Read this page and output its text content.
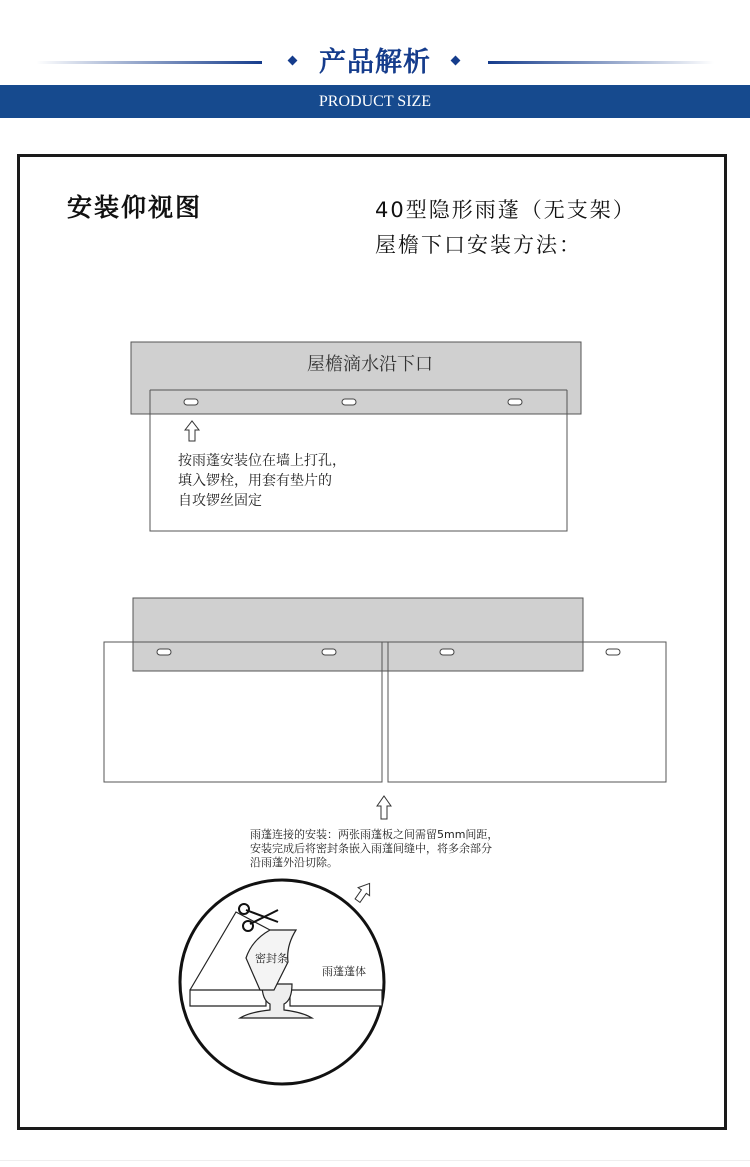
产品解析
PRODUCT SIZE
安装仰视图	40型隐形雨蓬（无支架）
屋檐下口安装方法：
屋檐滴水沿下口
按雨蓬安装位在墙上打孔，
填入锣栓，用套有垫片的
自攻锣丝固定
雨蓬连接的安装：两张雨蓬板之间需留5mm间距，
安装完成后将密封条嵌入雨蓬间缝中，将多余部分
沿雨蓬外沿切除。
密封条
雨蓬蓬体
